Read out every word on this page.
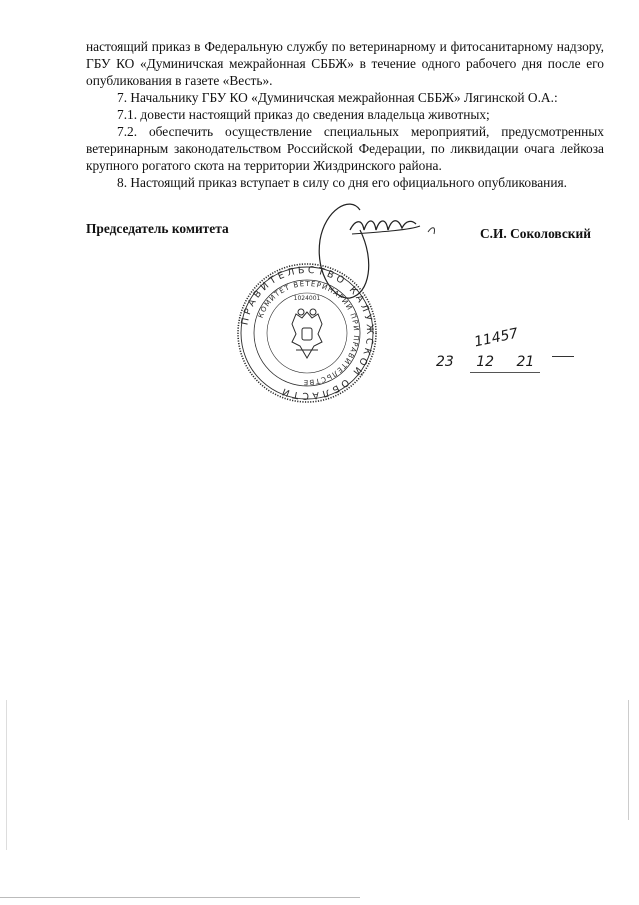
настоящий приказ в Федеральную службу по ветеринарному и фитосанитарному надзору, ГБУ КО «Думиничская межрайонная СББЖ» в течение одного рабочего дня после его опубликования в газете «Весть».

7. Начальнику ГБУ КО «Думиничская межрайонная СББЖ» Лягинской О.А.:

7.1. довести настоящий приказ до сведения владельца животных;

7.2. обеспечить осуществление специальных мероприятий, предусмотренных ветеринарным законодательством Российской Федерации, по ликвидации очага лейкоза крупного рогатого скота на территории Жиздринского района.

8. Настоящий приказ вступает в силу со дня его официального опубликования.

Председатель комитета	С.И. Соколовский
ПРАВИТЕЛЬСТВО КАЛУЖСКОЙ ОБЛАСТИ
КОМИТЕТ ВЕТЕРИНАРИИ ПРИ ПРАВИТЕЛЬСТВЕ
1024001
11457
23 12 21
